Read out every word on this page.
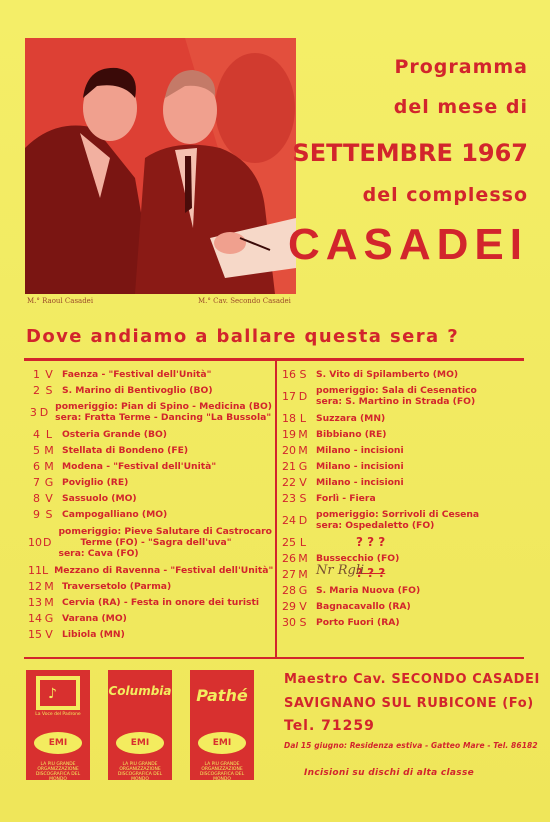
M.° Raoul Casadei	M.° Cav. Secondo Casadei
Programma
del mese di
SETTEMBRE 1967
del complesso
CASADEI
Dove andiamo a ballare questa sera ?
1 V	Faenza - "Festival dell'Unità"
2 S	S. Marino di Bentivoglio (BO)
3 D pomeriggio: Pian di Spino - Medicina (BO)
sera: Fratta Terme - Dancing "La Bussola"
4 L	Osteria Grande (BO)
5 M Stellata di Bondeno (FE)
6 M Modena - "Festival dell'Unità"
7 G Poviglio (RE)
8 V	Sassuolo (MO)
9 S	Campogalliano (MO)
10 D
pomeriggio: Pieve Salutare di Castrocaro
Terme (FO) - "Sagra dell'uva"
sera: Cava (FO)
11 L Mezzano di Ravenna - "Festival dell'Unità"
12 M Traversetolo (Parma)
13 M Cervia (RA) - Festa in onore dei turisti
14 G Varana (MO)
15 V	Libiola (MN)
16 S	S. Vito di Spilamberto (MO)
17 D pomeriggio: Sala di Cesenatico
sera: S. Martino in Strada (FO)
18 L	Suzzara (MN)
19 M Bibbiano (RE)
20 M Milano - incisioni
21 G Milano - incisioni
22 V	Milano - incisioni
23 S	Forlì - Fiera
24 D pomeriggio: Sorrivoli di Cesena
sera: Ospedaletto (FO)
25 L	? ? ?
26 M Bussecchio (FO)
27 M	? ? ?
Nr Rgli
28 G S. Maria Nuova (FO)
29 V	Bagnacavallo (RA)
30 S	Porto Fuori (RA)
♪
La Voce del Padrone
EMI
LA PIU GRANDE ORGANIZZAZIONE DISCOGRAFICA DEL MONDO
Columbia
EMI
LA PIU GRANDE ORGANIZZAZIONE DISCOGRAFICA DEL MONDO
Pathé
EMI
LA PIU GRANDE ORGANIZZAZIONE DISCOGRAFICA DEL MONDO
Maestro Cav. SECONDO CASADEI
SAVIGNANO SUL RUBICONE (Fo)
Tel. 71259
Dal 15 giugno: Residenza estiva - Gatteo Mare - Tel. 86182
Incisioni su dischi di alta classe
